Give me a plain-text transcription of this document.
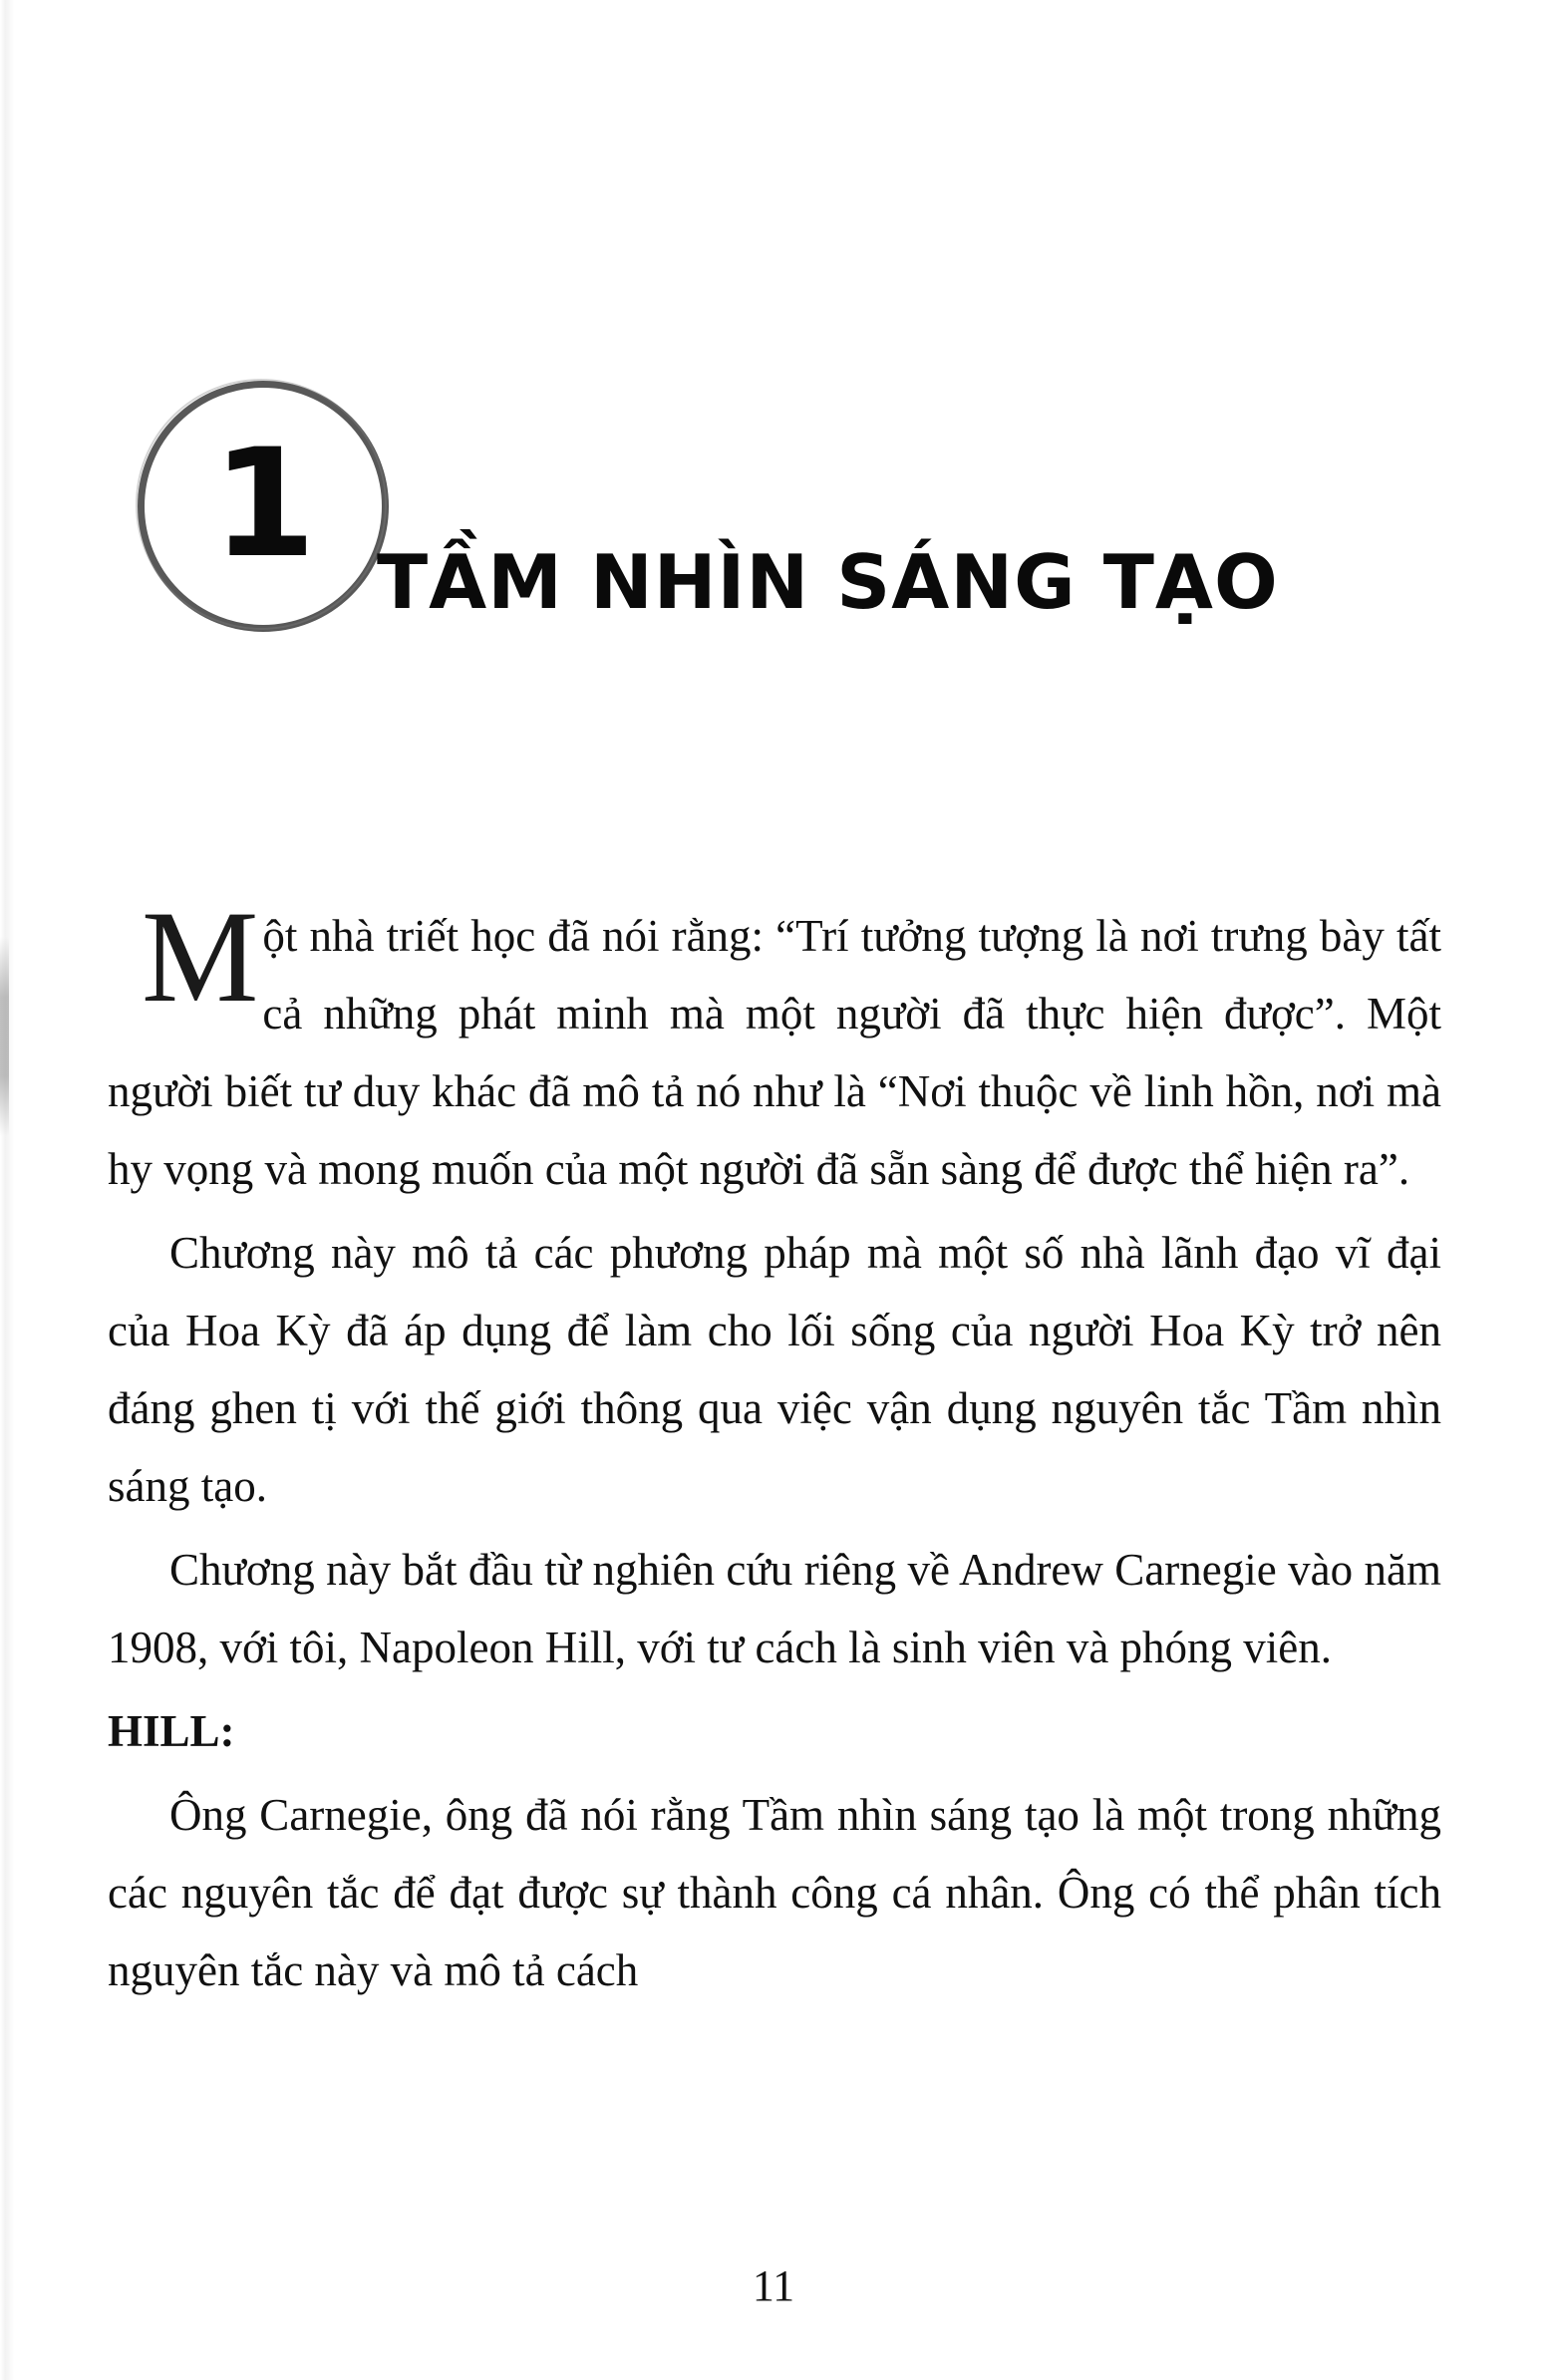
1 TẦM NHÌN SÁNG TẠO

Một nhà triết học đã nói rằng: “Trí tưởng tượng là nơi trưng bày tất cả những phát minh mà một người đã thực hiện được”. Một người biết tư duy khác đã mô tả nó như là “Nơi thuộc về linh hồn, nơi mà hy vọng và mong muốn của một người đã sẵn sàng để được thể hiện ra”.

Chương này mô tả các phương pháp mà một số nhà lãnh đạo vĩ đại của Hoa Kỳ đã áp dụng để làm cho lối sống của người Hoa Kỳ trở nên đáng ghen tị với thế giới thông qua việc vận dụng nguyên tắc Tầm nhìn sáng tạo.

Chương này bắt đầu từ nghiên cứu riêng về Andrew Carnegie vào năm 1908, với tôi, Napoleon Hill, với tư cách là sinh viên và phóng viên.

HILL:

Ông Carnegie, ông đã nói rằng Tầm nhìn sáng tạo là một trong những các nguyên tắc để đạt được sự thành công cá nhân. Ông có thể phân tích nguyên tắc này và mô tả cách

11
